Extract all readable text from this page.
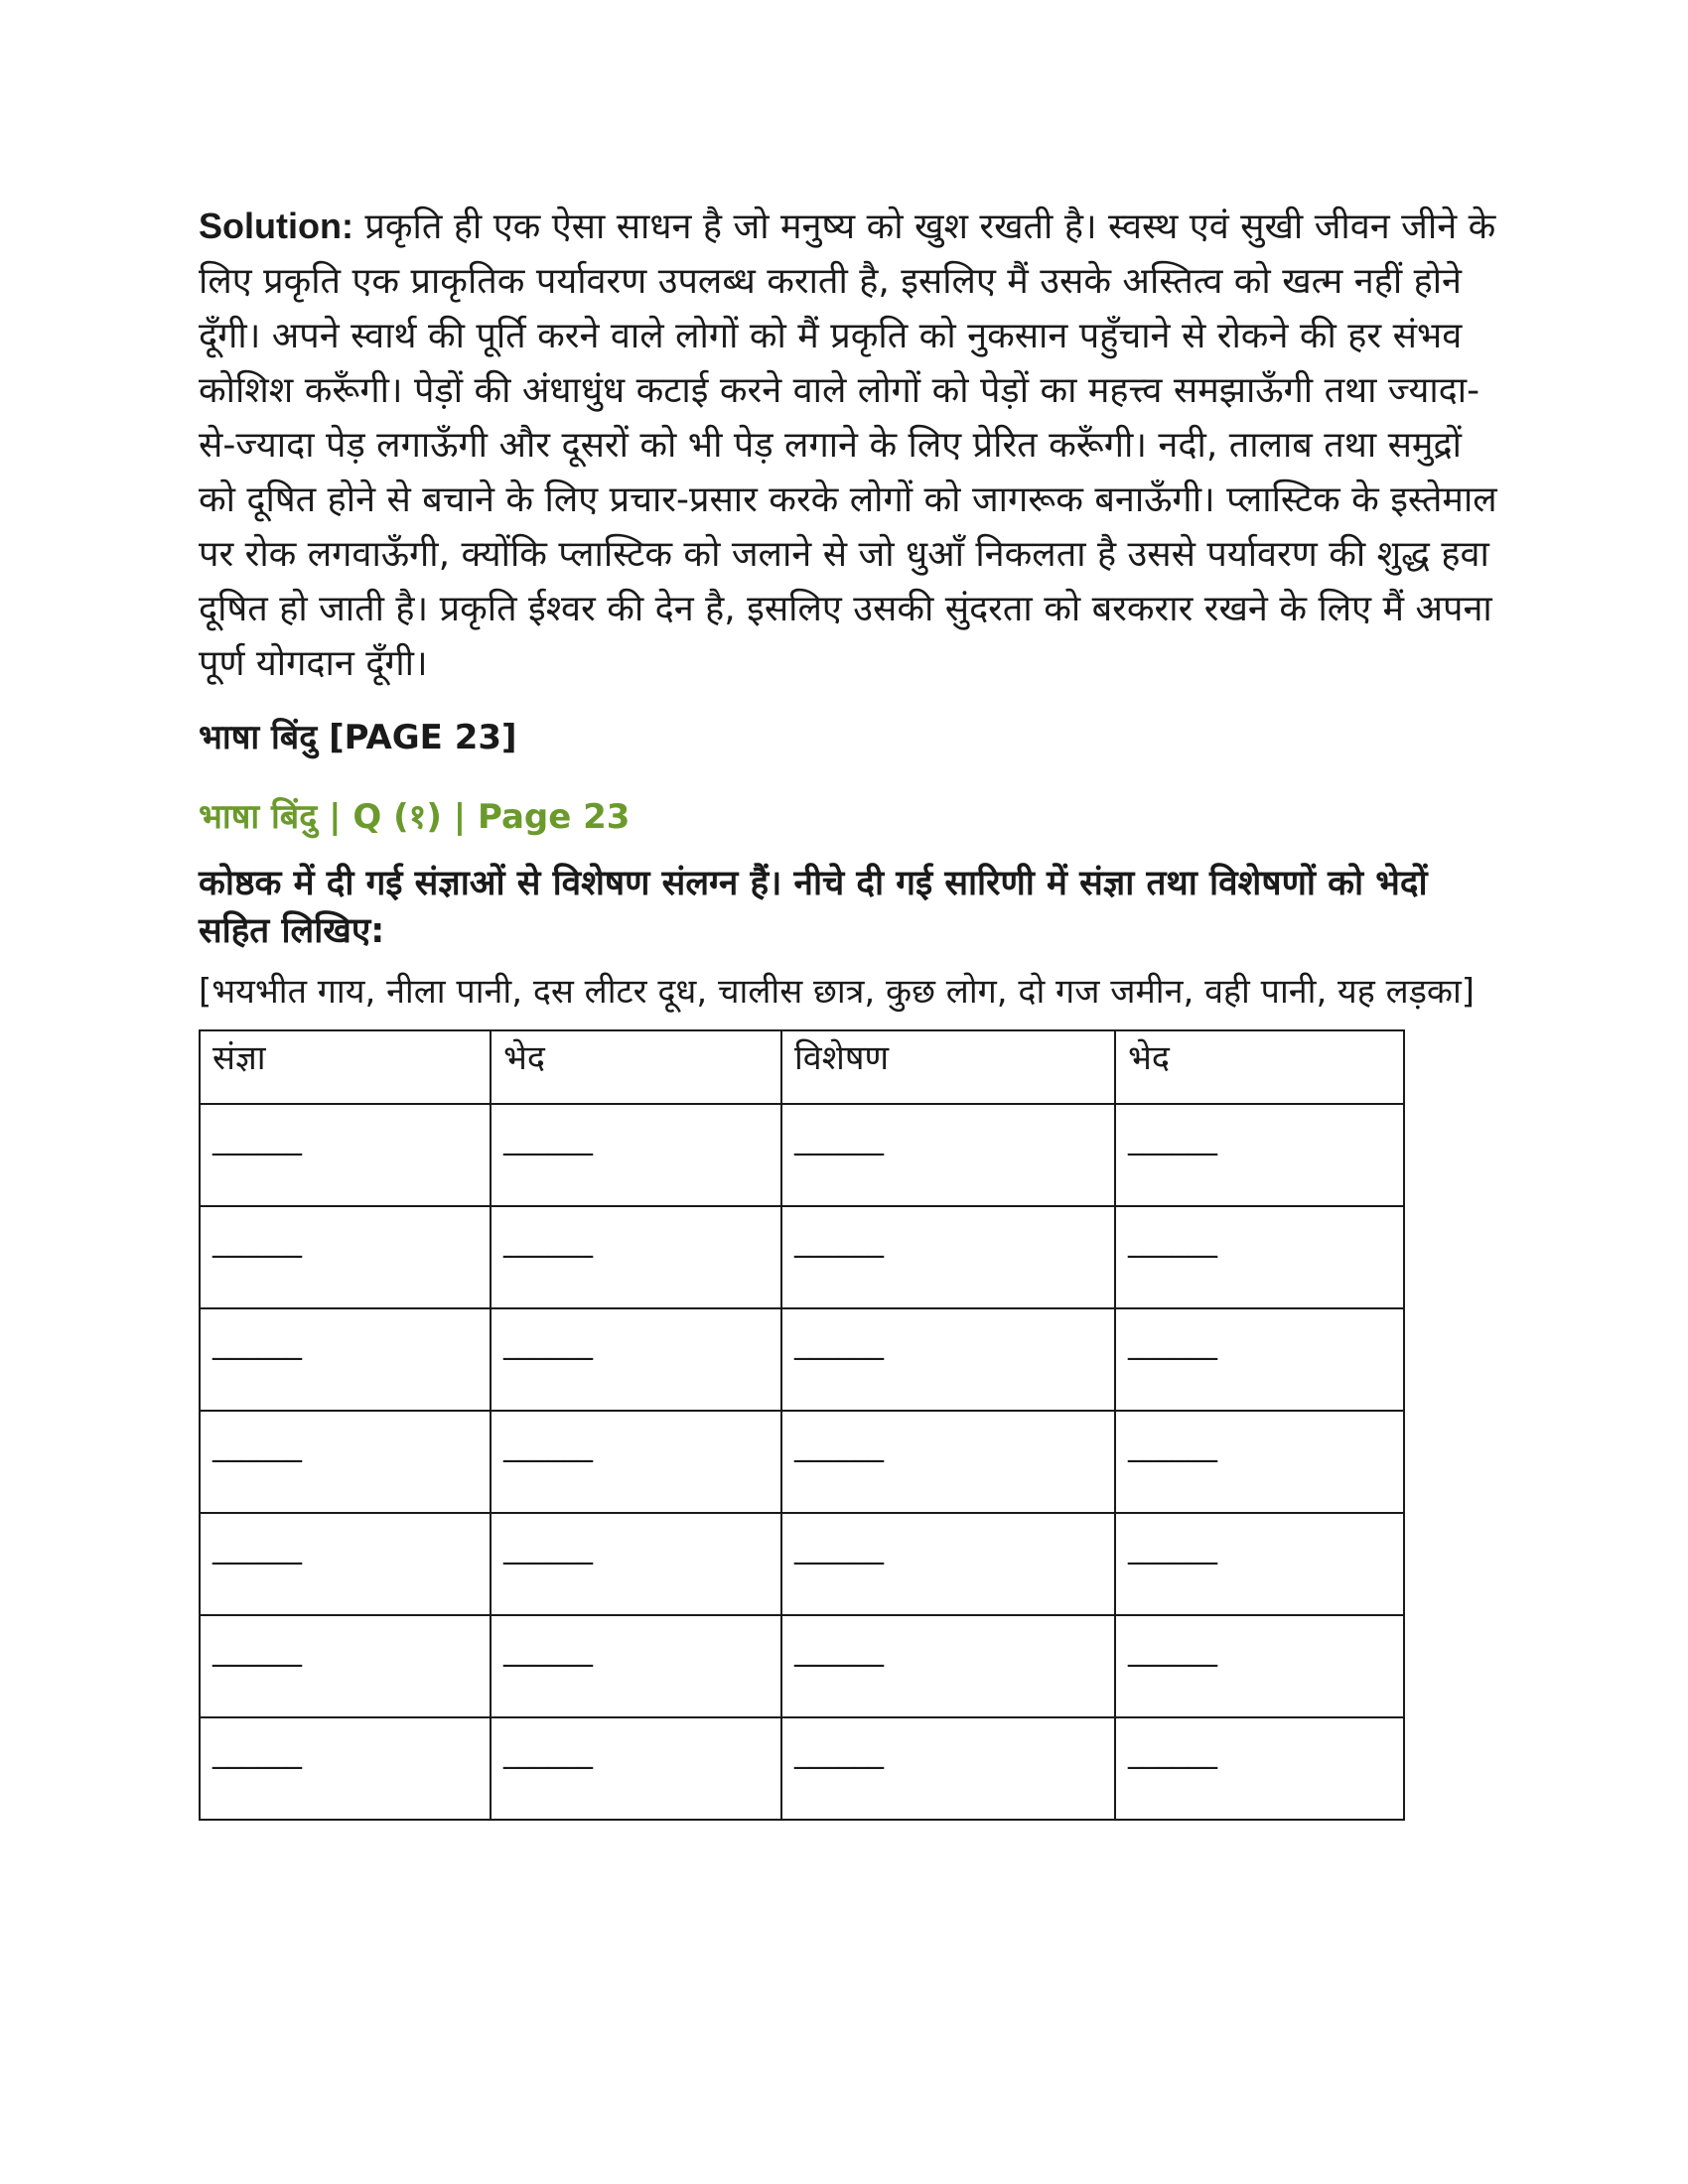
Solution: प्रकृति ही एक ऐसा साधन है जो मनुष्य को खुश रखती है। स्वस्थ एवं सुखी जीवन जीने के लिए प्रकृति एक प्राकृतिक पर्यावरण उपलब्ध कराती है, इसलिए मैं उसके अस्तित्व को खत्म नहीं होने दूँगी। अपने स्वार्थ की पूर्ति करने वाले लोगों को मैं प्रकृति को नुकसान पहुँचाने से रोकने की हर संभव कोशिश करूँगी। पेड़ों की अंधाधुंध कटाई करने वाले लोगों को पेड़ों का महत्त्व समझाऊँगी तथा ज्यादा-से-ज्यादा पेड़ लगाऊँगी और दूसरों को भी पेड़ लगाने के लिए प्रेरित करूँगी। नदी, तालाब तथा समुद्रों को दूषित होने से बचाने के लिए प्रचार-प्रसार करके लोगों को जागरूक बनाऊँगी। प्लास्टिक के इस्तेमाल पर रोक लगवाऊँगी, क्योंकि प्लास्टिक को जलाने से जो धुआँ निकलता है उससे पर्यावरण की शुद्ध हवा दूषित हो जाती है। प्रकृति ईश्वर की देन है, इसलिए उसकी सुंदरता को बरकरार रखने के लिए मैं अपना पूर्ण योगदान दूँगी।

भाषा बिंदु [PAGE 23]

भाषा बिंदु | Q (१) | Page 23

कोष्ठक में दी गई संज्ञाओं से विशेषण संलग्न हैं। नीचे दी गई सारिणी में संज्ञा तथा विशेषणों को भेदों सहित लिखिए:

[भयभीत गाय, नीला पानी, दस लीटर दूध, चालीस छात्र, कुछ लोग, दो गज जमीन, वही पानी, यह लड़का]

संज्ञा	भेद	विशेषण	भेद
______	______	______	______
______	______	______	______
______	______	______	______
______	______	______	______
______	______	______	______
______	______	______	______
______	______	______	______
